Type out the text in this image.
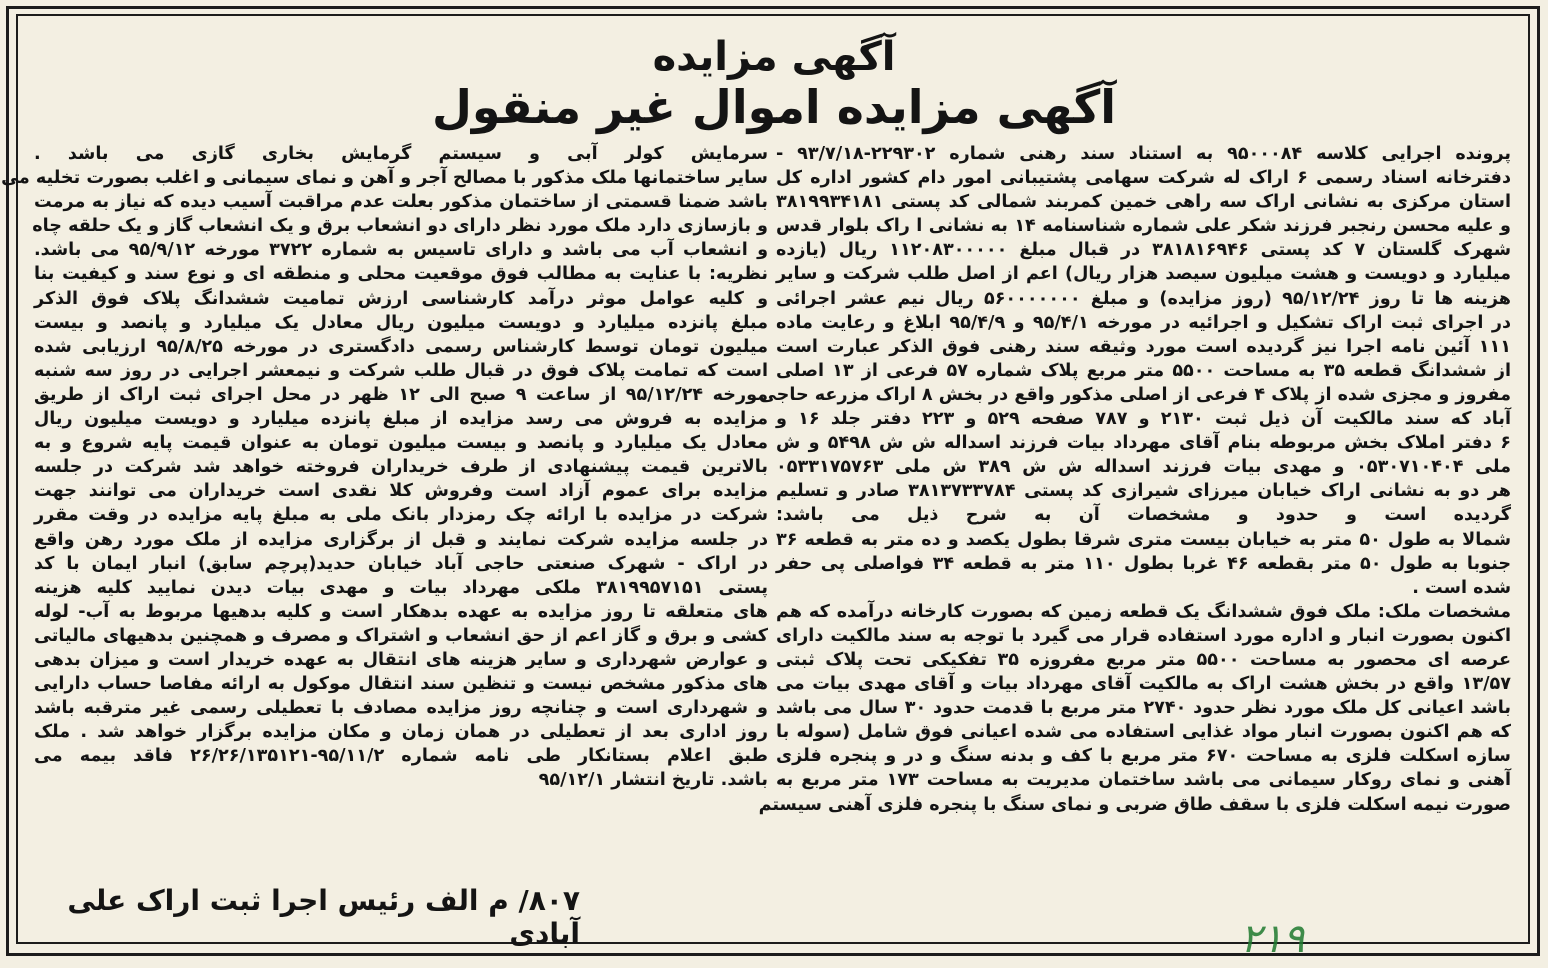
آگهی مزایده
آگهی مزایده اموال غیر منقول
پرونده اجرایی کلاسه ۹۵۰۰۰۸۴ به استناد سند رهنی شماره ۲۲۹۳۰۲-۹۳/۷/۱۸ -
دفترخانه اسناد رسمی ۶ اراک له شرکت سهامی پشتیبانی امور دام کشور اداره کل
استان مرکزی به نشانی اراک سه راهی خمین کمربند شمالی کد پستی ۳۸۱۹۹۳۴۱۸۱
و علیه محسن رنجبر فرزند شکر علی شماره شناسنامه ۱۴ به نشانی ا راک بلوار قدس
شهرک گلستان ۷ کد پستی ۳۸۱۸۱۶۹۴۶ در قبال مبلغ ۱۱۲۰۸۳۰۰۰۰۰ ریال (یازده
میلیارد و دویست و هشت میلیون سیصد هزار ریال) اعم از اصل طلب شرکت و سایر
هزینه ها تا روز ۹۵/۱۲/۲۴ (روز مزایده) و مبلغ ۵۶۰۰۰۰۰۰۰ ریال نیم عشر اجرائی
در اجرای ثبت اراک تشکیل و اجرائیه در مورخه ۹۵/۴/۱ و ۹۵/۴/۹ ابلاغ و رعایت ماده
۱۱۱ آئین نامه اجرا نیز گردیده است مورد وثیقه سند رهنی فوق الذکر عبارت است
از ششدانگ قطعه ۳۵ به مساحت ۵۵۰۰ متر مربع پلاک شماره ۵۷ فرعی از ۱۳ اصلی
مفروز و مجزی شده از پلاک ۴ فرعی از اصلی مذکور واقع در بخش ۸ اراک مزرعه حاجی
آباد که سند مالکیت آن ذیل ثبت ۲۱۳۰ و ۷۸۷ صفحه ۵۲۹ و ۲۲۳ دفتر جلد ۱۶ و
۶ دفتر املاک بخش مربوطه بنام آقای مهرداد بیات فرزند اسداله ش ش ۵۴۹۸ و ش
ملی ۰۵۳۰۷۱۰۴۰۴ و مهدی بیات فرزند اسداله ش ش ۳۸۹ ش ملی ۰۵۳۳۱۷۵۷۶۳
هر دو به نشانی اراک خیابان میرزای شیرازی کد پستی ۳۸۱۳۷۳۳۷۸۴ صادر و تسلیم
گردیده است و حدود و مشخصات آن به شرح ذیل می باشد:
شمالا به طول ۵۰ متر به خیابان بیست متری شرقا بطول یکصد و ده متر به قطعه ۳۶
جنوبا به طول ۵۰ متر بقطعه ۴۶ غربا بطول ۱۱۰ متر به قطعه ۳۴ فواصلی پی حفر
شده است .
مشخصات ملک: ملک فوق ششدانگ یک قطعه زمین که بصورت کارخانه درآمده که هم
اکنون بصورت انبار و اداره مورد استفاده قرار می گیرد با توجه به سند مالکیت دارای
عرصه ای محصور به مساحت ۵۵۰۰ متر مربع مفروزه ۳۵ تفکیکی تحت پلاک ثبتی
۱۳/۵۷ واقع در بخش هشت اراک به مالکیت آقای مهرداد بیات و آقای مهدی بیات می
باشد اعیانی کل ملک مورد نظر حدود ۲۷۴۰ متر مربع با قدمت حدود ۳۰ سال می باشد
که هم اکنون بصورت انبار مواد غذایی استفاده می شده اعیانی فوق شامل (سوله با
سازه اسکلت فلزی به مساحت ۶۷۰ متر مربع با کف و بدنه سنگ و در و پنجره فلزی
آهنی و نمای روکار سیمانی می باشد ساختمان مدیریت به مساحت ۱۷۳ متر مربع به
صورت نیمه اسکلت فلزی با سقف طاق ضربی و نمای سنگ با پنجره فلزی آهنی سیستم
سرمایش کولر آبی و سیستم گرمایش بخاری گازی می باشد .
سایر ساختمانها ملک مذکور با مصالح آجر و آهن و نمای سیمانی و اغلب بصورت تخلیه می
باشد ضمنا قسمتی از ساختمان مذکور بعلت عدم مراقبت آسیب دیده که نیاز به مرمت
و بازسازی دارد ملک مورد نظر دارای دو انشعاب برق و یک انشعاب گاز و یک حلقه چاه
و انشعاب آب می باشد و دارای تاسیس به شماره ۳۷۲۲ مورخه ۹۵/۹/۱۲ می باشد.
نظریه: با عنایت به مطالب فوق موقعیت محلی و منطقه ای و نوع سند و کیفیت بنا
و کلیه عوامل موثر درآمد کارشناسی ارزش تمامیت ششدانگ پلاک فوق الذکر
مبلغ پانزده میلیارد و دویست میلیون ریال معادل یک میلیارد و پانصد و بیست
میلیون تومان توسط کارشناس رسمی دادگستری در مورخه ۹۵/۸/۲۵ ارزیابی شده
است که تمامت پلاک فوق در قبال طلب شرکت و نیمعشر اجرایی در روز سه شنبه
مورخه ۹۵/۱۲/۲۴ از ساعت ۹ صبح الی ۱۲ ظهر در محل اجرای ثبت اراک از طریق
مزایده به فروش می رسد مزایده از مبلغ پانزده میلیارد و دویست میلیون ریال
معادل یک میلیارد و پانصد و بیست میلیون تومان به عنوان قیمت پایه شروع و به
بالاترین قیمت پیشنهادی از طرف خریداران فروخته خواهد شد شرکت در جلسه
مزایده برای عموم آزاد است وفروش کلا نقدی است خریداران می توانند جهت
شرکت در مزایده با ارائه چک رمزدار بانک ملی به مبلغ پایه مزایده در وقت مقرر
در جلسه مزایده شرکت نمایند و قبل از برگزاری مزایده از ملک مورد رهن واقع
در اراک - شهرک صنعتی حاجی آباد خیابان حدید(پرچم سابق) انبار ایمان با کد
پستی ۳۸۱۹۹۵۷۱۵۱ ملکی مهرداد بیات و مهدی بیات دیدن نمایید کلیه هزینه
های متعلقه تا روز مزایده به عهده بدهکار است و کلیه بدهیها مربوط به آب- لوله
کشی و برق و گاز اعم از حق انشعاب و اشتراک و مصرف و همچنین بدهیهای مالیاتی
و عوارض شهرداری و سایر هزینه های انتقال به عهده خریدار است و میزان بدهی
های مذکور مشخص نیست و تنظین سند انتقال موکول به ارائه مفاصا حساب دارایی
و شهرداری است و چنانچه روز مزایده مصادف با تعطیلی رسمی غیر مترقبه باشد
روز اداری بعد از تعطیلی در همان زمان و مکان مزایده برگزار خواهد شد . ملک
طبق اعلام بستانکار طی نامه شماره ۹۵/۱۱/۲-۲۶/۲۶/۱۳۵۱۲۱ فاقد بیمه می
باشد. تاریخ انتشار ۹۵/۱۲/۱
۸۰۷/ م الف رئیس اجرا ثبت اراک علی آبادی	۲۱۹
